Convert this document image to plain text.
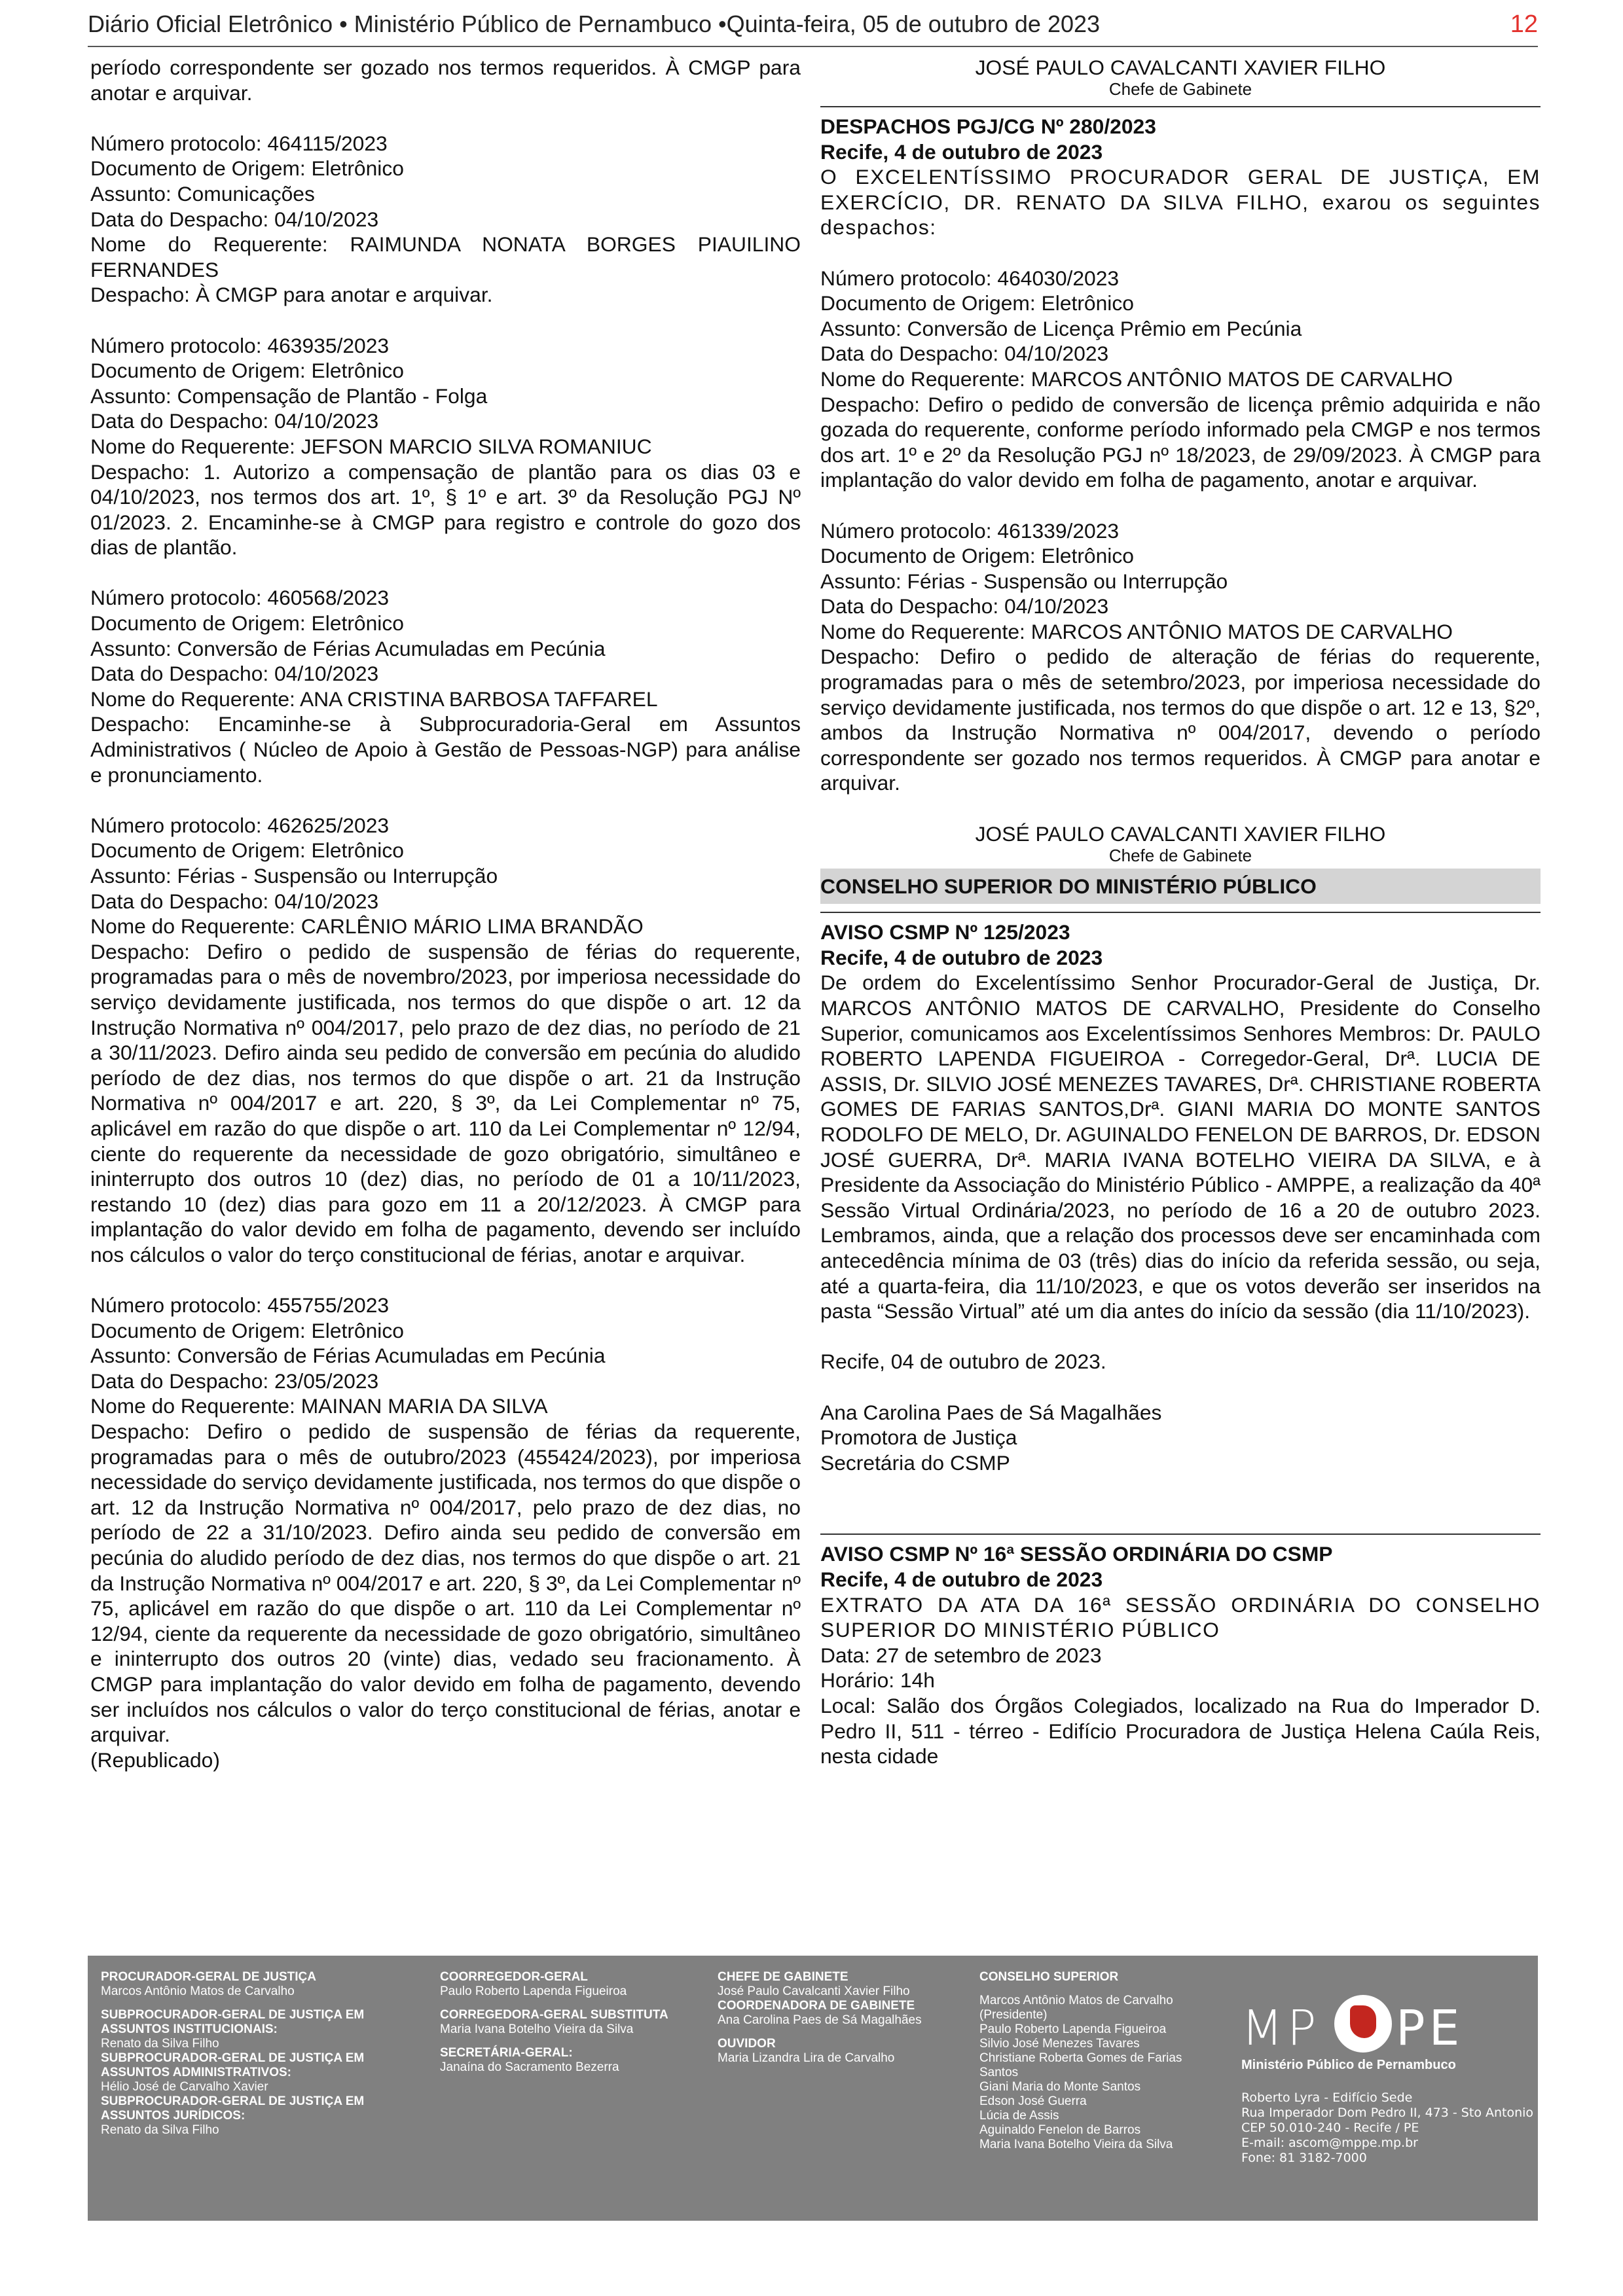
Diário Oficial Eletrônico • Ministério Público de Pernambuco •Quinta-feira, 05 de outubro de 2023	12

período correspondente ser gozado nos termos requeridos. À CMGP para anotar e arquivar.

Número protocolo: 464115/2023

Documento de Origem: Eletrônico

Assunto: Comunicações

Data do Despacho: 04/10/2023

Nome do Requerente: RAIMUNDA NONATA BORGES PIAUILINO FERNANDES

Despacho: À CMGP para anotar e arquivar.

Número protocolo: 463935/2023

Documento de Origem: Eletrônico

Assunto: Compensação de Plantão - Folga

Data do Despacho: 04/10/2023

Nome do Requerente: JEFSON MARCIO SILVA ROMANIUC

Despacho: 1. Autorizo a compensação de plantão para os dias 03 e 04/10/2023, nos termos dos art. 1º, § 1º e art. 3º da Resolução PGJ Nº 01/2023. 2. Encaminhe-se à CMGP para registro e controle do gozo dos dias de plantão.

Número protocolo: 460568/2023

Documento de Origem: Eletrônico

Assunto: Conversão de Férias Acumuladas em Pecúnia

Data do Despacho: 04/10/2023

Nome do Requerente: ANA CRISTINA BARBOSA TAFFAREL

Despacho: Encaminhe-se à Subprocuradoria-Geral em Assuntos Administrativos ( Núcleo de Apoio à Gestão de Pessoas-NGP) para análise e pronunciamento.

Número protocolo: 462625/2023

Documento de Origem: Eletrônico

Assunto: Férias - Suspensão ou Interrupção

Data do Despacho: 04/10/2023

Nome do Requerente: CARLÊNIO MÁRIO LIMA BRANDÃO

Despacho: Defiro o pedido de suspensão de férias do requerente, programadas para o mês de novembro/2023, por imperiosa necessidade do serviço devidamente justificada, nos termos do que dispõe o art. 12 da Instrução Normativa nº 004/2017, pelo prazo de dez dias, no período de 21 a 30/11/2023. Defiro ainda seu pedido de conversão em pecúnia do aludido período de dez dias, nos termos do que dispõe o art. 21 da Instrução Normativa nº 004/2017 e art. 220, § 3º, da Lei Complementar nº 75, aplicável em razão do que dispõe o art. 110 da Lei Complementar nº 12/94, ciente do requerente da necessidade de gozo obrigatório, simultâneo e ininterrupto dos outros 10 (dez) dias, no período de 01 a 10/11/2023, restando 10 (dez) dias para gozo em 11 a 20/12/2023. À CMGP para implantação do valor devido em folha de pagamento, devendo ser incluído nos cálculos o valor do terço constitucional de férias, anotar e arquivar.

Número protocolo: 455755/2023

Documento de Origem: Eletrônico

Assunto: Conversão de Férias Acumuladas em Pecúnia

Data do Despacho: 23/05/2023

Nome do Requerente: MAINAN MARIA DA SILVA

Despacho: Defiro o pedido de suspensão de férias da requerente, programadas para o mês de outubro/2023 (455424/2023), por imperiosa necessidade do serviço devidamente justificada, nos termos do que dispõe o art. 12 da Instrução Normativa nº 004/2017, pelo prazo de dez dias, no período de 22 a 31/10/2023. Defiro ainda seu pedido de conversão em pecúnia do aludido período de dez dias, nos termos do que dispõe o art. 21 da Instrução Normativa nº 004/2017 e art. 220, § 3º, da Lei Complementar nº 75, aplicável em razão do que dispõe o art. 110 da Lei Complementar nº 12/94, ciente da requerente da necessidade de gozo obrigatório, simultâneo e ininterrupto dos outros 20 (vinte) dias, vedado seu fracionamento. À CMGP para implantação do valor devido em folha de pagamento, devendo ser incluídos nos cálculos o valor do terço constitucional de férias, anotar e arquivar.

(Republicado)

JOSÉ PAULO CAVALCANTI XAVIER FILHO
Chefe de Gabinete

DESPACHOS PGJ/CG Nº 280/2023

Recife, 4 de outubro de 2023

O EXCELENTÍSSIMO PROCURADOR GERAL DE JUSTIÇA, EM EXERCÍCIO, DR. RENATO DA SILVA FILHO, exarou os seguintes despachos:

Número protocolo: 464030/2023

Documento de Origem: Eletrônico

Assunto: Conversão de Licença Prêmio em Pecúnia

Data do Despacho: 04/10/2023

Nome do Requerente: MARCOS ANTÔNIO MATOS DE CARVALHO

Despacho: Defiro o pedido de conversão de licença prêmio adquirida e não gozada do requerente, conforme período informado pela CMGP e nos termos dos art. 1º e 2º da Resolução PGJ nº 18/2023, de 29/09/2023. À CMGP para implantação do valor devido em folha de pagamento, anotar e arquivar.

Número protocolo: 461339/2023

Documento de Origem: Eletrônico

Assunto: Férias - Suspensão ou Interrupção

Data do Despacho: 04/10/2023

Nome do Requerente: MARCOS ANTÔNIO MATOS DE CARVALHO

Despacho: Defiro o pedido de alteração de férias do requerente, programadas para o mês de setembro/2023, por imperiosa necessidade do serviço devidamente justificada, nos termos do que dispõe o art. 12 e 13, §2º, ambos da Instrução Normativa nº 004/2017, devendo o período correspondente ser gozado nos termos requeridos. À CMGP para anotar e arquivar.

JOSÉ PAULO CAVALCANTI XAVIER FILHO
Chefe de Gabinete
CONSELHO SUPERIOR DO MINISTÉRIO PÚBLICO

AVISO CSMP Nº 125/2023

Recife, 4 de outubro de 2023

De ordem do Excelentíssimo Senhor Procurador-Geral de Justiça, Dr. MARCOS ANTÔNIO MATOS DE CARVALHO, Presidente do Conselho Superior, comunicamos aos Excelentíssimos Senhores Membros: Dr. PAULO ROBERTO LAPENDA FIGUEIROA - Corregedor-Geral, Drª. LUCIA DE ASSIS, Dr. SILVIO JOSÉ MENEZES TAVARES, Drª. CHRISTIANE ROBERTA GOMES DE FARIAS SANTOS,Drª. GIANI MARIA DO MONTE SANTOS RODOLFO DE MELO, Dr. AGUINALDO FENELON DE BARROS, Dr. EDSON JOSÉ GUERRA, Drª. MARIA IVANA BOTELHO VIEIRA DA SILVA, e à Presidente da Associação do Ministério Público - AMPPE, a realização da 40ª Sessão Virtual Ordinária/2023, no período de 16 a 20 de outubro 2023. Lembramos, ainda, que a relação dos processos deve ser encaminhada com antecedência mínima de 03 (três) dias do início da referida sessão, ou seja, até a quarta-feira, dia 11/10/2023, e que os votos deverão ser inseridos na pasta “Sessão Virtual” até um dia antes do início da sessão (dia 11/10/2023).

Recife, 04 de outubro de 2023.

Ana Carolina Paes de Sá Magalhães

Promotora de Justiça

Secretária do CSMP

AVISO CSMP Nº 16ª SESSÃO ORDINÁRIA DO CSMP

Recife, 4 de outubro de 2023

EXTRATO DA ATA DA 16ª SESSÃO ORDINÁRIA DO CONSELHO SUPERIOR DO MINISTÉRIO PÚBLICO

Data: 27 de setembro de 2023

Horário: 14h

Local: Salão dos Órgãos Colegiados, localizado na Rua do Imperador D. Pedro II, 511 - térreo - Edifício Procuradora de Justiça Helena Caúla Reis, nesta cidade

PROCURADOR-GERAL DE JUSTIÇA
Marcos Antônio Matos de Carvalho
SUBPROCURADOR-GERAL DE JUSTIÇA EM ASSUNTOS INSTITUCIONAIS:
Renato da Silva Filho
SUBPROCURADOR-GERAL DE JUSTIÇA EM ASSUNTOS ADMINISTRATIVOS:
Hélio José de Carvalho Xavier
SUBPROCURADOR-GERAL DE JUSTIÇA EM ASSUNTOS JURÍDICOS:
Renato da Silva Filho
COORREGEDOR-GERAL
Paulo Roberto Lapenda Figueiroa
CORREGEDORA-GERAL SUBSTITUTA
Maria Ivana Botelho Vieira da Silva
SECRETÁRIA-GERAL:
Janaína do Sacramento Bezerra
CHEFE DE GABINETE
José Paulo Cavalcanti Xavier Filho
COORDENADORA DE GABINETE
Ana Carolina Paes de Sá Magalhães
OUVIDOR
Maria Lizandra Lira de Carvalho
CONSELHO SUPERIOR
Marcos Antônio Matos de Carvalho
(Presidente)
Paulo Roberto Lapenda Figueiroa
Silvio José Menezes Tavares
Christiane Roberta Gomes de Farias
Santos
Giani Maria do Monte Santos
Edson José Guerra
Lúcia de Assis
Aguinaldo Fenelon de Barros
Maria Ivana Botelho Vieira da Silva
MP PE
Ministério Público de Pernambuco
Roberto Lyra - Edifício Sede
Rua Imperador Dom Pedro II, 473 - Sto Antonio
CEP 50.010-240 - Recife / PE
E-mail: ascom@mppe.mp.br
Fone: 81 3182-7000
